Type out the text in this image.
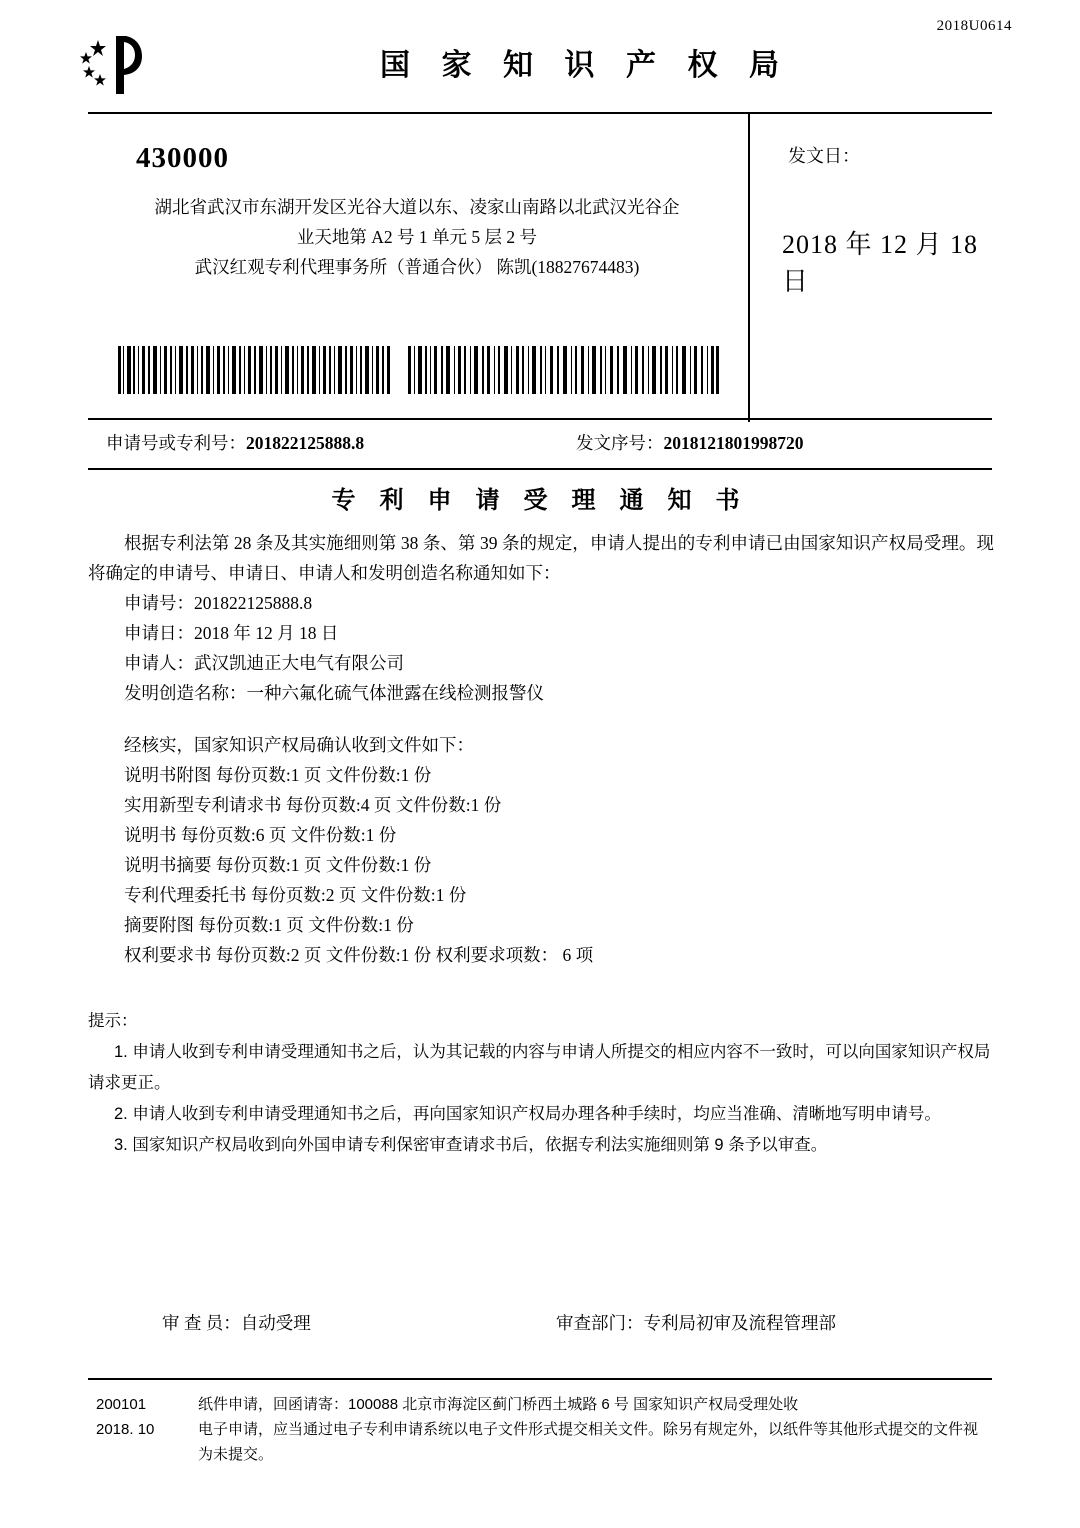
2018U0614
国 家 知 识 产 权 局
430000
湖北省武汉市东湖开发区光谷大道以东、凌家山南路以北武汉光谷企
业天地第 A2 号 1 单元 5 层 2 号
武汉红观专利代理事务所（普通合伙） 陈凯(18827674483)
发文日：
2018 年 12 月 18 日
申请号或专利号：201822125888.8	发文序号：2018121801998720
专 利 申 请 受 理 通 知 书
根据专利法第 28 条及其实施细则第 38 条、第 39 条的规定，申请人提出的专利申请已由国家知识产权局受理。现将确定的申请号、申请日、申请人和发明创造名称通知如下：
申请号：201822125888.8
申请日：2018 年 12 月 18 日
申请人：武汉凯迪正大电气有限公司
发明创造名称：一种六氟化硫气体泄露在线检测报警仪
经核实，国家知识产权局确认收到文件如下：
说明书附图 每份页数:1 页 文件份数:1 份
实用新型专利请求书 每份页数:4 页 文件份数:1 份
说明书 每份页数:6 页 文件份数:1 份
说明书摘要 每份页数:1 页 文件份数:1 份
专利代理委托书 每份页数:2 页 文件份数:1 份
摘要附图 每份页数:1 页 文件份数:1 份
权利要求书 每份页数:2 页 文件份数:1 份 权利要求项数： 6 项
提示：
1. 申请人收到专利申请受理通知书之后，认为其记载的内容与申请人所提交的相应内容不一致时，可以向国家知识产权局请求更正。
2. 申请人收到专利申请受理通知书之后，再向国家知识产权局办理各种手续时，均应当准确、清晰地写明申请号。
3. 国家知识产权局收到向外国申请专利保密审查请求书后，依据专利法实施细则第 9 条予以审查。
审 查 员：自动受理	审查部门：专利局初审及流程管理部
200101
2018. 10
纸件申请，回函请寄：100088 北京市海淀区蓟门桥西土城路 6 号 国家知识产权局受理处收
电子申请，应当通过电子专利申请系统以电子文件形式提交相关文件。除另有规定外，以纸件等其他形式提交的文件视为未提交。
